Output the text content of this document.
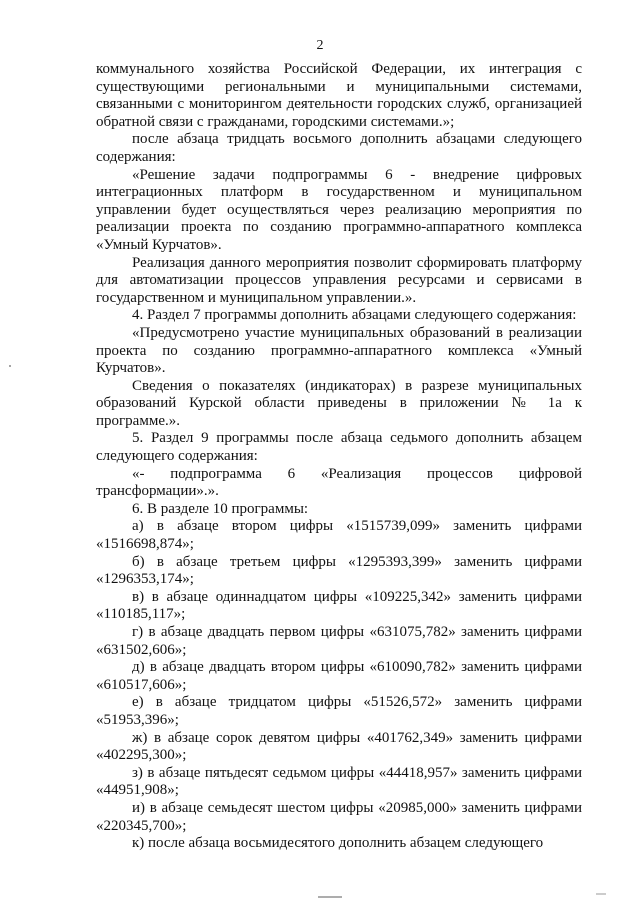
2

коммунального хозяйства Российской Федерации, их интеграция с существующими региональными и муниципальными системами, связанными с мониторингом деятельности городских служб, организацией обратной связи с гражданами, городскими системами.»;

после абзаца тридцать восьмого дополнить абзацами следующего содержания:

«Решение задачи подпрограммы 6 - внедрение цифровых интеграционных платформ в государственном и муниципальном управлении будет осуществляться через реализацию мероприятия по реализации проекта по созданию программно-аппаратного комплекса «Умный Курчатов».

Реализация данного мероприятия позволит сформировать платформу для автоматизации процессов управления ресурсами и сервисами в государственном и муниципальном управлении.».

4. Раздел 7 программы дополнить абзацами следующего содержания:

«Предусмотрено участие муниципальных образований в реализации проекта по созданию программно-аппаратного комплекса «Умный Курчатов».

Сведения о показателях (индикаторах) в разрезе муниципальных образований Курской области приведены в приложении № 1а к программе.».

5. Раздел 9 программы после абзаца седьмого дополнить абзацем следующего содержания:

«- подпрограмма 6 «Реализация процессов цифровой трансформации».».

6. В разделе 10 программы:

а) в абзаце втором цифры «1515739,099» заменить цифрами «1516698,874»;

б) в абзаце третьем цифры «1295393,399» заменить цифрами «1296353,174»;

в) в абзаце одиннадцатом цифры «109225,342» заменить цифрами «110185,117»;

г) в абзаце двадцать первом цифры «631075,782» заменить цифрами «631502,606»;

д) в абзаце двадцать втором цифры «610090,782» заменить цифрами «610517,606»;

е) в абзаце тридцатом цифры «51526,572» заменить цифрами «51953,396»;

ж) в абзаце сорок девятом цифры «401762,349» заменить цифрами «402295,300»;

з) в абзаце пятьдесят седьмом цифры «44418,957» заменить цифрами «44951,908»;

и) в абзаце семьдесят шестом цифры «20985,000» заменить цифрами «220345,700»;

к) после абзаца восьмидесятого дополнить абзацем следующего
